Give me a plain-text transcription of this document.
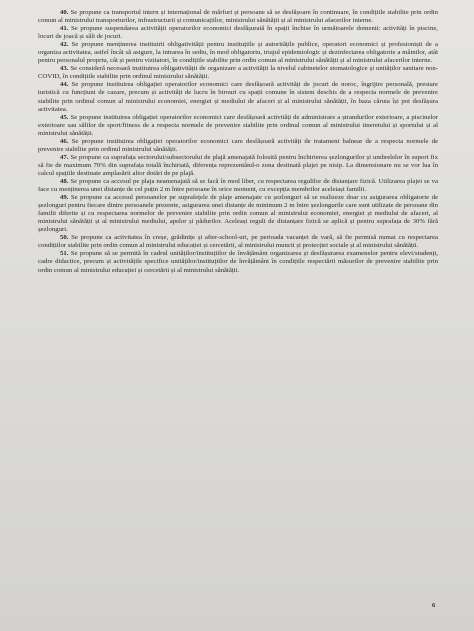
40. Se propune ca transportul intern și internațional de mărfuri și persoane să se desfășoare în continuare, în condițiile stabilite prin ordin comun al ministrului transporturilor, infrastructurii și comunicațiilor, ministrului sănătății și al ministrului afacerilor interne.

41. Se propune suspendarea activității operatorilor economici desfășurată în spații închise în următoarele domenii: activități în piscine, locuri de joacă și săli de jocuri.

42. Se propune menținerea instituirii obligativității pentru instituțiile și autoritățile publice, operatori economici și profesioniști de a organiza activitatea, astfel încât să asigure, la intrarea în sediu, în mod obligatoriu, triajul epidemiologic și dezinfectarea obligatorie a mâinilor, atât pentru personalul propriu, cât și pentru vizitatori, în condițiile stabilite prin ordin comun al ministrului sănătății și al ministrului afacerilor interne.

43. Se consideră necesară instituirea obligativității de organizare a activității la nivelul cabinetelor stomatologice și unităților sanitare non-COVID, în condițiile stabilite prin ordinul ministrului sănătății.

44. Se propune instituirea obligației operatorilor economici care desfășoară activități de jocuri de noroc, îngrijire personală, prestare turistică cu funcțiuni de cazare, precum și activități de lucru în birouri cu spații comune în sistem deschis de a respecta normele de prevenire stabilite prin ordinul comun al ministrului economiei, energiei și mediului de afaceri și al ministrului sănătății, în baza căruia își pot desfășura activitatea.

45. Se propune instituirea obligației operatorilor economici care desfășoară activități de administrare a ștrandurilor exterioare, a piscinelor exterioare sau sălilor de sport/fitness de a respecta normele de prevenire stabilite prin ordinul comun al ministrului tineretului și sportului și al ministrului sănătății.

46. Se propune instituirea obligației operatorilor economici care desfășoară activități de tratament balnear de a respecta normele de prevenire stabilite prin ordinul ministrului sănătății.

47. Se propune ca suprafața sectorului/subsectorului de plajă amenajată folosită pentru închirierea șezlongurilor și umbrelelor în suport fix să fie de maximum 70% din suprafața totală închiriată, diferența reprezentând-o zona destinată plajei pe nisip. La dimensionare nu se vor lua în calcul spațiile destinate amplasării altor dotări de pe plajă.

48. Se propune ca accesul pe plaja neamenajată să se facă în mod liber, cu respectarea regulilor de distanțare fizică. Utilizarea plajei se va face cu menținerea unei distanțe de cel puțin 2 m între persoane în orice moment, cu excepția membrilor aceleiași familii.

49. Se propune ca accesul persoanelor pe suprafețele de plaje amenajate cu șezlonguri să se realizeze doar cu asigurarea obligatorie de șezlonguri pentru fiecare dintre persoanele prezente, asigurarea unei distanțe de minimum 2 m între șezlongurile care sunt utilizate de persoane din familii diferite și cu respectarea normelor de prevenire stabilite prin ordin comun al ministrului economiei, energiei și mediului de afaceri, al ministrului sănătății și al ministrului mediului, apelor și pădurilor. Aceleași reguli de distanțare fizică se aplică și pentru suprafața de 30% fără șezlonguri.

50. Se propune ca activitatea în creșe, grădinițe și after-school-uri, pe perioada vacanței de vară, să fie permisă numai cu respectarea condițiilor stabilite prin ordin comun al ministrului educației și cercetării, al ministrului muncii și protecției sociale și al ministrului sănătății.

51. Se propune să se permită în cadrul unităților/instituțiilor de învățământ organizarea și desfășurarea examenelor pentru elevi/studenți, cadre didactice, precum și activitățile specifice unităților/instituțiilor de învățământ în condițiile respectării măsurilor de prevenire stabilite prin ordin comun al ministrului educației și cercetării și al ministrului sănătății.

6
